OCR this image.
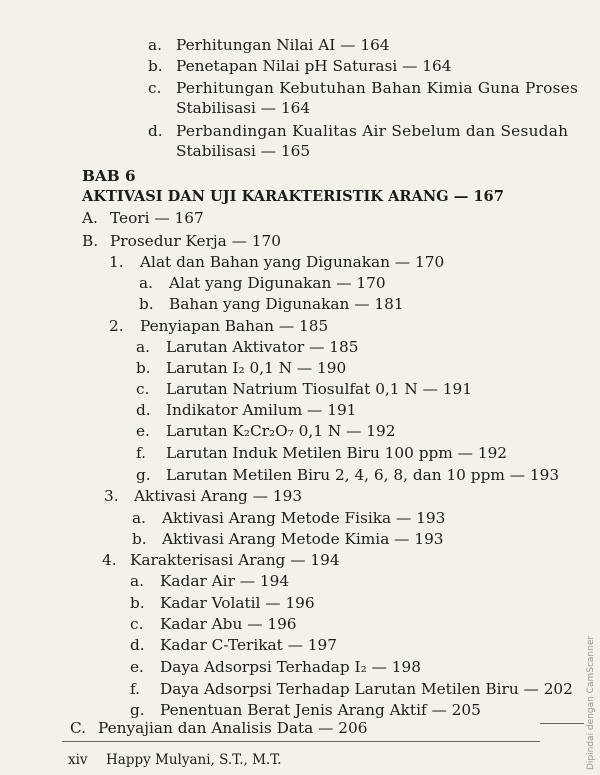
a. Perhitungan Nilai AI — 164
b. Penetapan Nilai pH Saturasi — 164
c. Perhitungan Kebutuhan Bahan Kimia Guna Proses
Stabilisasi — 164
d. Perbandingan Kualitas Air Sebelum dan Sesudah
Stabilisasi — 165
BAB 6
AKTIVASI DAN UJI KARAKTERISTIK ARANG — 167
A. Teori — 167
B. Prosedur Kerja — 170
1. Alat dan Bahan yang Digunakan — 170
a. Alat yang Digunakan — 170
b. Bahan yang Digunakan — 181
2. Penyiapan Bahan — 185
a. Larutan Aktivator — 185
b. Larutan I₂ 0,1 N — 190
c. Larutan Natrium Tiosulfat 0,1 N — 191
d. Indikator Amilum — 191
e. Larutan K₂Cr₂O₇ 0,1 N — 192
f. Larutan Induk Metilen Biru 100 ppm — 192
g. Larutan Metilen Biru 2, 4, 6, 8, dan 10 ppm — 193
3. Aktivasi Arang — 193
a. Aktivasi Arang Metode Fisika — 193
b. Aktivasi Arang Metode Kimia — 193
4. Karakterisasi Arang — 194
a. Kadar Air — 194
b. Kadar Volatil — 196
c. Kadar Abu — 196
d. Kadar C-Terikat — 197
e. Daya Adsorpsi Terhadap I₂ — 198
f. Daya Adsorpsi Terhadap Larutan Metilen Biru — 202
g. Penentuan Berat Jenis Arang Aktif — 205
C. Penyajian dan Analisis Data — 206
xiv Happy Mulyani, S.T., M.T.	Dipindai dengan CamScanner
